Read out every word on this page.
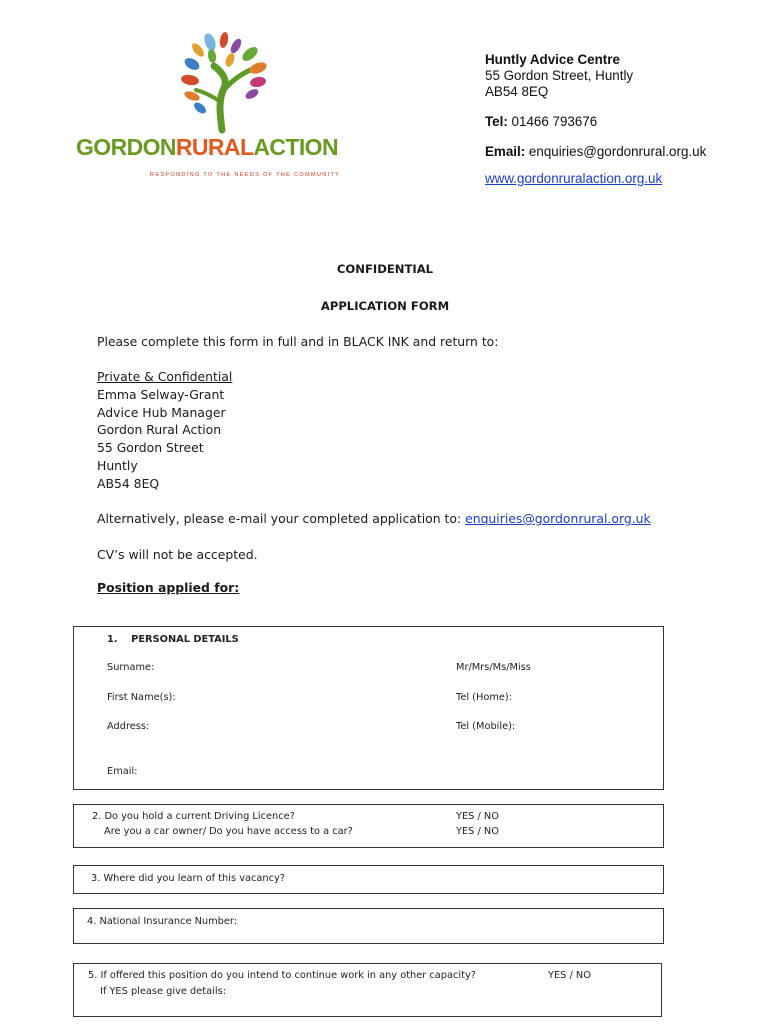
GORDONRURALACTION
RESPONDING TO THE NEEDS OF THE COMMUNITY
Huntly Advice Centre
55 Gordon Street, Huntly
AB54 8EQ
Tel: 01466 793676
Email: enquiries@gordonrural.org.uk
www.gordonruralaction.org.uk
CONFIDENTIAL
APPLICATION FORM
Please complete this form in full and in BLACK INK and return to:
Private & Confidential
Emma Selway-Grant
Advice Hub Manager
Gordon Rural Action
55 Gordon Street
Huntly
AB54 8EQ
Alternatively, please e-mail your completed application to: enquiries@gordonrural.org.uk
CV’s will not be accepted.
Position applied for:
1.    PERSONAL DETAILS
Surname:	Mr/Mrs/Ms/Miss
First Name(s):	Tel (Home):
Address:	Tel (Mobile):
Email:
2. Do you hold a current Driving Licence?	YES / NO
Are you a car owner/ Do you have access to a car?	YES / NO
3. Where did you learn of this vacancy?
4. National Insurance Number:
5. If offered this position do you intend to continue work in any other capacity?	YES / NO
If YES please give details:
